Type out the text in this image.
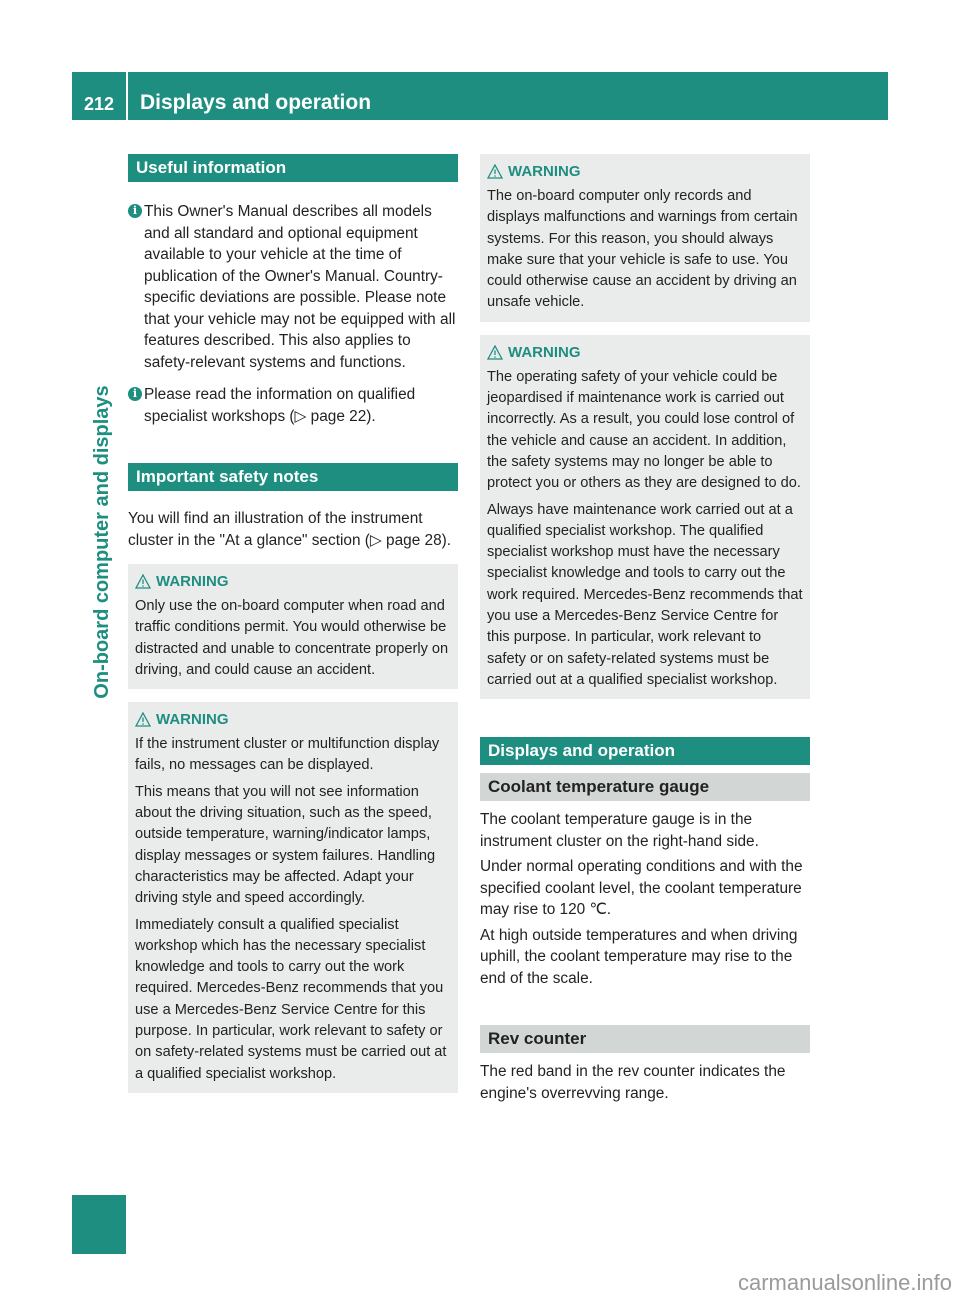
212 Displays and operation
On-board computer and displays
Useful information

i This Owner's Manual describes all models and all standard and optional equipment available to your vehicle at the time of publication of the Owner's Manual. Country-specific deviations are possible. Please note that your vehicle may not be equipped with all features described. This also applies to safety-relevant systems and functions.

i Please read the information on qualified specialist workshops (▷ page 22).

Important safety notes

You will find an illustration of the instrument cluster in the "At a glance" section (▷ page 28).

WARNING

Only use the on-board computer when road and traffic conditions permit. You would otherwise be distracted and unable to concentrate properly on driving, and could cause an accident.

WARNING

If the instrument cluster or multifunction display fails, no messages can be displayed.

This means that you will not see information about the driving situation, such as the speed, outside temperature, warning/indicator lamps, display messages or system failures. Handling characteristics may be affected. Adapt your driving style and speed accordingly.

Immediately consult a qualified specialist workshop which has the necessary specialist knowledge and tools to carry out the work required. Mercedes-Benz recommends that you use a Mercedes-Benz Service Centre for this purpose. In particular, work relevant to safety or on safety-related systems must be carried out at a qualified specialist workshop.

WARNING

The on-board computer only records and displays malfunctions and warnings from certain systems. For this reason, you should always make sure that your vehicle is safe to use. You could otherwise cause an accident by driving an unsafe vehicle.

WARNING

The operating safety of your vehicle could be jeopardised if maintenance work is carried out incorrectly. As a result, you could lose control of the vehicle and cause an accident. In addition, the safety systems may no longer be able to protect you or others as they are designed to do.

Always have maintenance work carried out at a qualified specialist workshop. The qualified specialist workshop must have the necessary specialist knowledge and tools to carry out the work required. Mercedes-Benz recommends that you use a Mercedes-Benz Service Centre for this purpose. In particular, work relevant to safety or on safety-related systems must be carried out at a qualified specialist workshop.

Displays and operation
Coolant temperature gauge

The coolant temperature gauge is in the instrument cluster on the right-hand side.

Under normal operating conditions and with the specified coolant level, the coolant temperature may rise to 120 ℃.

At high outside temperatures and when driving uphill, the coolant temperature may rise to the end of the scale.

Rev counter

The red band in the rev counter indicates the engine's overrevving range.

carmanualsonline.info
